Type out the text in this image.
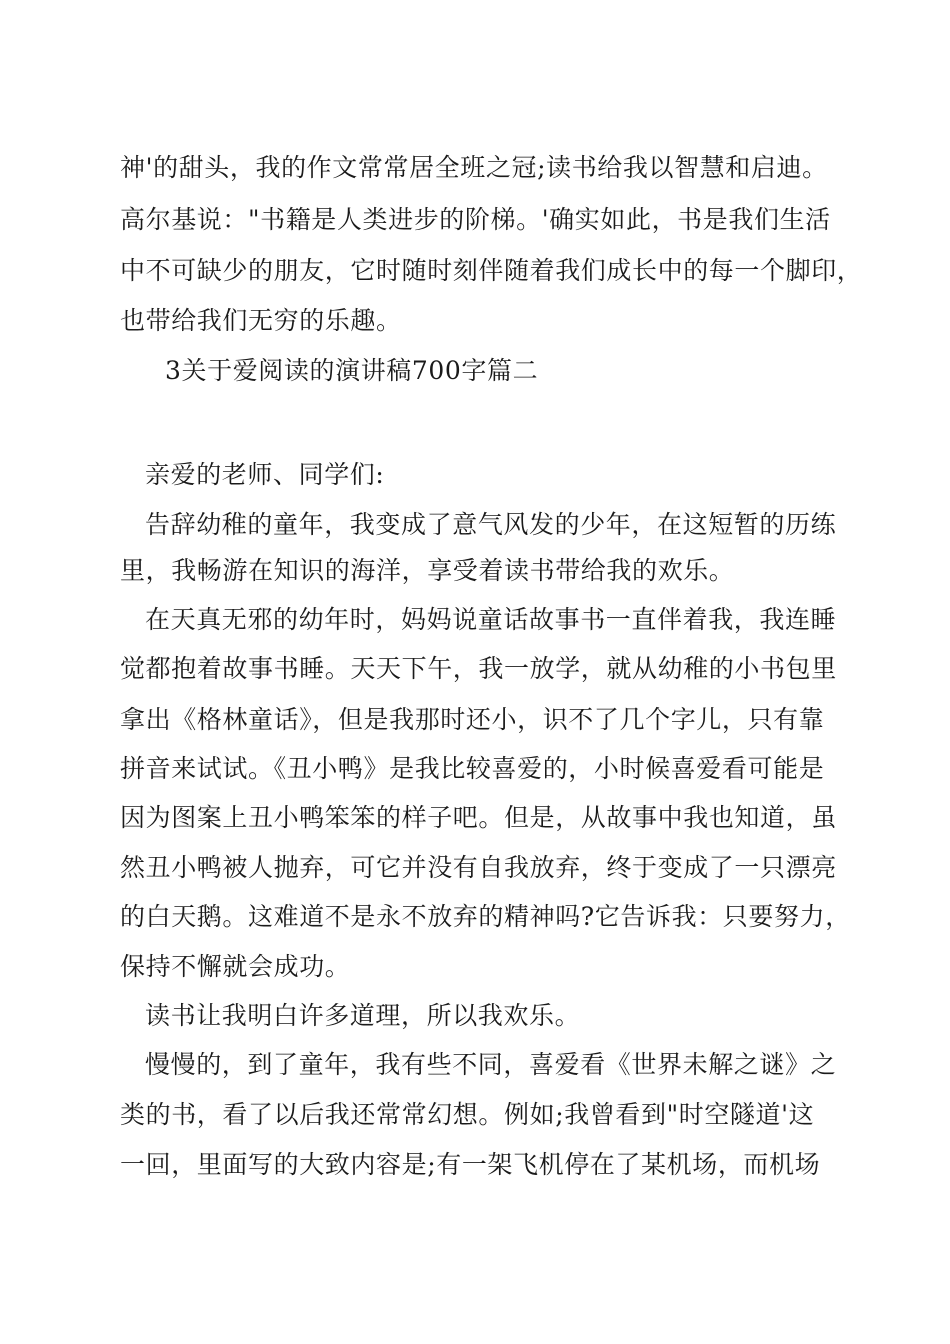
神'的甜头，我的作文常常居全班之冠;读书给我以智慧和启迪。
高尔基说："书籍是人类进步的阶梯。'确实如此，书是我们生活
中不可缺少的朋友，它时随时刻伴随着我们成长中的每一个脚印，
也带给我们无穷的乐趣。
3关于爱阅读的演讲稿700字篇二
亲爱的老师、同学们:
告辞幼稚的童年，我变成了意气风发的少年，在这短暂的历练
里，我畅游在知识的海洋，享受着读书带给我的欢乐。
在天真无邪的幼年时，妈妈说童话故事书一直伴着我，我连睡
觉都抱着故事书睡。天天下午，我一放学，就从幼稚的小书包里
拿出《格林童话》，但是我那时还小，识不了几个字儿，只有靠
拼音来试试。《丑小鸭》是我比较喜爱的，小时候喜爱看可能是
因为图案上丑小鸭笨笨的样子吧。但是，从故事中我也知道，虽
然丑小鸭被人抛弃，可它并没有自我放弃，终于变成了一只漂亮
的白天鹅。这难道不是永不放弃的精神吗?它告诉我：只要努力，
保持不懈就会成功。
读书让我明白许多道理，所以我欢乐。
慢慢的，到了童年，我有些不同，喜爱看《世界未解之谜》之
类的书，看了以后我还常常幻想。例如;我曾看到"时空隧道'这
一回，里面写的大致内容是;有一架飞机停在了某机场，而机场
